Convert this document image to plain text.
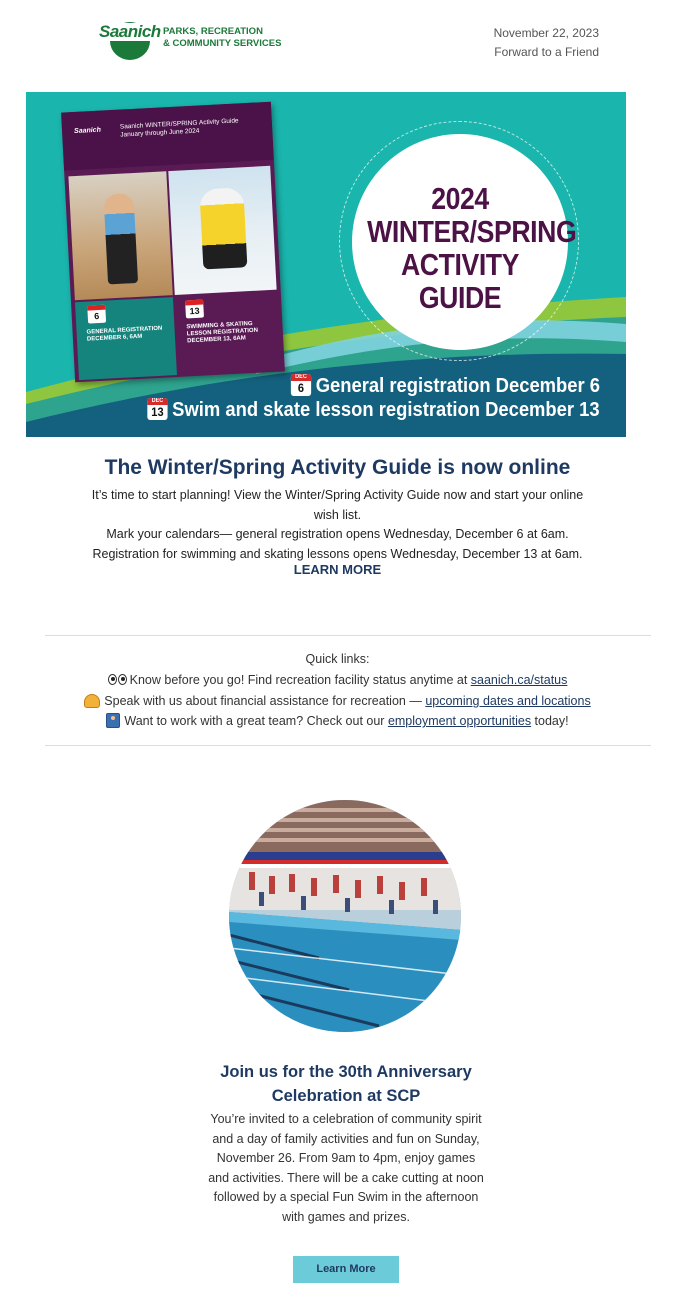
Saanich PARKS, RECREATION
& COMMUNITY SERVICES
November 22, 2023
Forward to a Friend
Saanich
Saanich WINTER/SPRING Activity Guide January through June 2024
6
GENERAL REGISTRATION DECEMBER 6, 6AM
13
SWIMMING & SKATING LESSON REGISTRATION DECEMBER 13, 6AM
2024
WINTER/SPRING
ACTIVITY
GUIDE
DEC
6 General registration December 6
DEC
13 Swim and skate lesson registration December 13
The Winter/Spring Activity Guide is now online

It’s time to start planning! View the Winter/Spring Activity Guide now and start your online wish list.

Mark your calendars— general registration opens Wednesday, December 6 at 6am.

Registration for swimming and skating lessons opens Wednesday, December 13 at 6am.

LEARN MORE
Quick links:
Know before you go! Find recreation facility status anytime at saanich.ca/status
Speak with us about financial assistance for recreation — upcoming dates and locations
Want to work with a great team? Check out our employment opportunities today!
Join us for the 30th Anniversary Celebration at SCP
You’re invited to a celebration of community spirit and a day of family activities and fun on Sunday, November 26. From 9am to 4pm, enjoy games and activities. There will be a cake cutting at noon followed by a special Fun Swim in the afternoon with games and prizes.
Learn More
